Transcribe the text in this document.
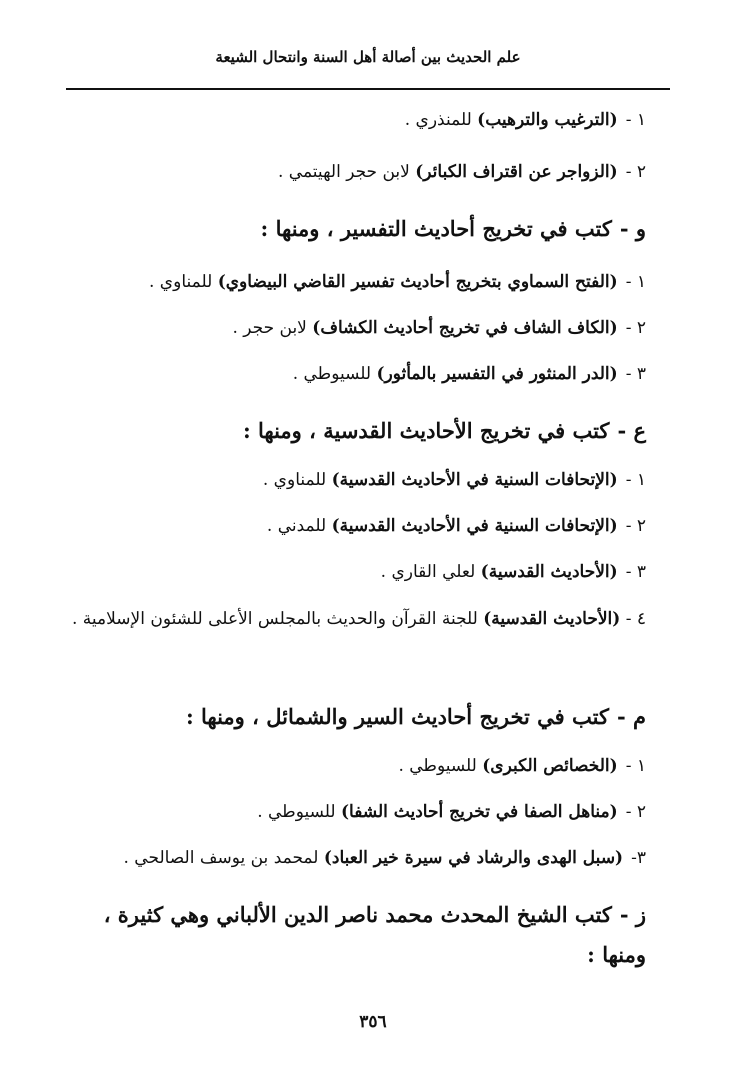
علم الحديث بين أصالة أهل السنة وانتحال الشيعة
١ -(الترغيب والترهيب) للمنذري .
٢ -(الزواجر عن اقتراف الكبائر) لابن حجر الهيتمي .
و -كتب في تخريج أحاديث التفسير ، ومنها :
١ -(الفتح السماوي بتخريج أحاديث تفسير القاضي البيضاوي) للمناوي .
٢ -(الكاف الشاف في تخريج أحاديث الكشاف) لابن حجر .
٣ -(الدر المنثور في التفسير بالمأثور) للسيوطي .
ع -كتب في تخريج الأحاديث القدسية ، ومنها :
١ -(الإتحافات السنية في الأحاديث القدسية) للمناوي .
٢ -(الإتحافات السنية في الأحاديث القدسية) للمدني .
٣ -(الأحاديث القدسية) لعلي القاري .
٤ - (الأحاديث القدسية) للجنة القرآن والحديث بالمجلس الأعلى للشئون الإسلامية .
م -كتب في تخريج أحاديث السير والشمائل ، ومنها :
١ -(الخصائص الكبرى) للسيوطي .
٢ -(مناهل الصفا في تخريج أحاديث الشفا) للسيوطي .
٣-(سبل الهدى والرشاد في سيرة خير العباد) لمحمد بن يوسف الصالحي .
ز -كتب الشيخ المحدث محمد ناصر الدين الألباني وهي كثيرة ،
ومنها :
٣٥٦
